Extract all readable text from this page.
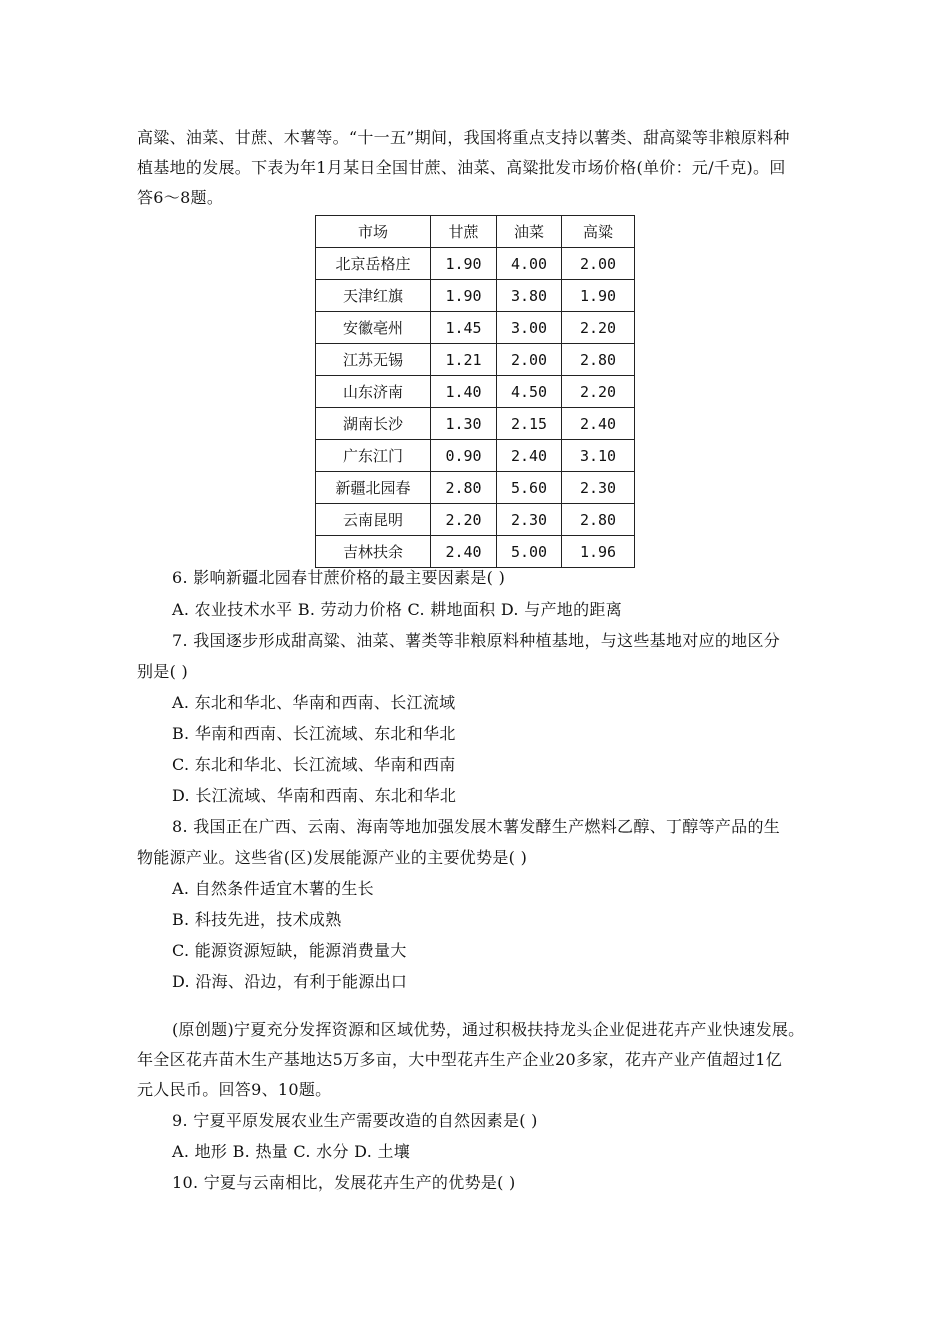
高粱、油菜、甘蔗、木薯等。“十一五”期间，我国将重点支持以薯类、甜高粱等非粮原料种
植基地的发展。下表为年1月某日全国甘蔗、油菜、高粱批发市场价格(单价：元/千克)。回
答6～8题。
市场	甘蔗	油菜	高粱
北京岳格庄	1.90	4.00	2.00
天津红旗	1.90	3.80	1.90
安徽亳州	1.45	3.00	2.20
江苏无锡	1.21	2.00	2.80
山东济南	1.40	4.50	2.20
湖南长沙	1.30	2.15	2.40
广东江门	0.90	2.40	3.10
新疆北园春	2.80	5.60	2.30
云南昆明	2.20	2.30	2.80
吉林扶余	2.40	5.00	1.96
6. 影响新疆北园春甘蔗价格的最主要因素是( )
A. 农业技术水平 B. 劳动力价格 C. 耕地面积 D. 与产地的距离
7. 我国逐步形成甜高粱、油菜、薯类等非粮原料种植基地，与这些基地对应的地区分
别是( )
A. 东北和华北、华南和西南、长江流域
B. 华南和西南、长江流域、东北和华北
C. 东北和华北、长江流域、华南和西南
D. 长江流域、华南和西南、东北和华北
8. 我国正在广西、云南、海南等地加强发展木薯发酵生产燃料乙醇、丁醇等产品的生
物能源产业。这些省(区)发展能源产业的主要优势是( )
A. 自然条件适宜木薯的生长
B. 科技先进，技术成熟
C. 能源资源短缺，能源消费量大
D. 沿海、沿边，有利于能源出口
(原创题)宁夏充分发挥资源和区域优势，通过积极扶持龙头企业促进花卉产业快速发展。
年全区花卉苗木生产基地达5万多亩，大中型花卉生产企业20多家，花卉产业产值超过1亿
元人民币。回答9、10题。
9. 宁夏平原发展农业生产需要改造的自然因素是( )
A. 地形 B. 热量 C. 水分 D. 土壤
10. 宁夏与云南相比，发展花卉生产的优势是( )
